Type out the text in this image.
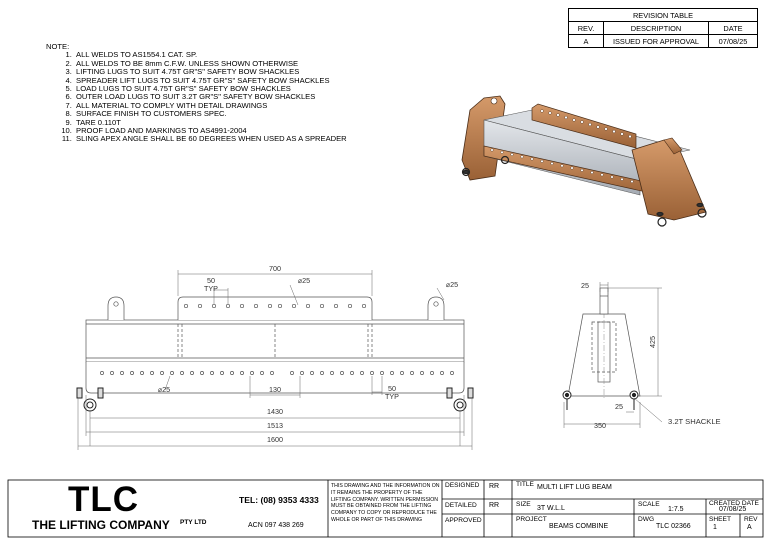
NOTE:
1. ALL WELDS TO AS1554.1 CAT. SP.
2. ALL WELDS TO BE 8mm C.F.W. UNLESS SHOWN OTHERWISE
3. LIFTING LUGS TO SUIT 4.75T GR"S" SAFETY BOW SHACKLES
4. SPREADER LIFT LUGS TO SUIT 4.75T GR"S" SAFETY BOW SHACKLES
5. LOAD LUGS TO SUIT 4.75T GR"S" SAFETY BOW SHACKLES
6. OUTER LOAD LUGS TO SUIT 3.2T GR"S" SAFETY BOW SHACKLES
7. ALL MATERIAL TO COMPLY WITH DETAIL DRAWINGS
8. SURFACE FINISH TO CUSTOMERS SPEC.
9. TARE 0.110T
10. PROOF LOAD AND MARKINGS TO AS4991-2004
11. SLING APEX ANGLE SHALL BE 60 DEGREES WHEN USED AS A SPREADER
REVISION TABLE		
REV.	DESCRIPTION	DATE
A	ISSUED FOR APPROVAL	07/08/25
700
50
TYP
⌀25	⌀25
⌀25	130	50
TYP
1430
1513
1600
25
425
25
350	3.2T SHACKLE
TLC
THE LIFTING COMPANY PTY LTD
TEL: (08) 9353 4333
ACN 097 438 269
THIS DRAWING AND THE INFORMATION ON IT REMAINS THE PROPERTY OF THE LIFTING COMPANY. WRITTEN PERMISSION MUST BE OBTAINED FROM THE LIFTING COMPANY TO COPY OR REPRODUCE THE WHOLE OR PART OF THIS DRAWING
DESIGNED RR
DETAILED RR
APPROVED
TITLE MULTI LIFT LUG BEAM
SIZE
3T W.L.L
PROJECT
BEAMS COMBINE
SCALE
1:7.5
DWG
TLC 02366
CREATED DATE
07/08/25
SHEET
1
REV
A
